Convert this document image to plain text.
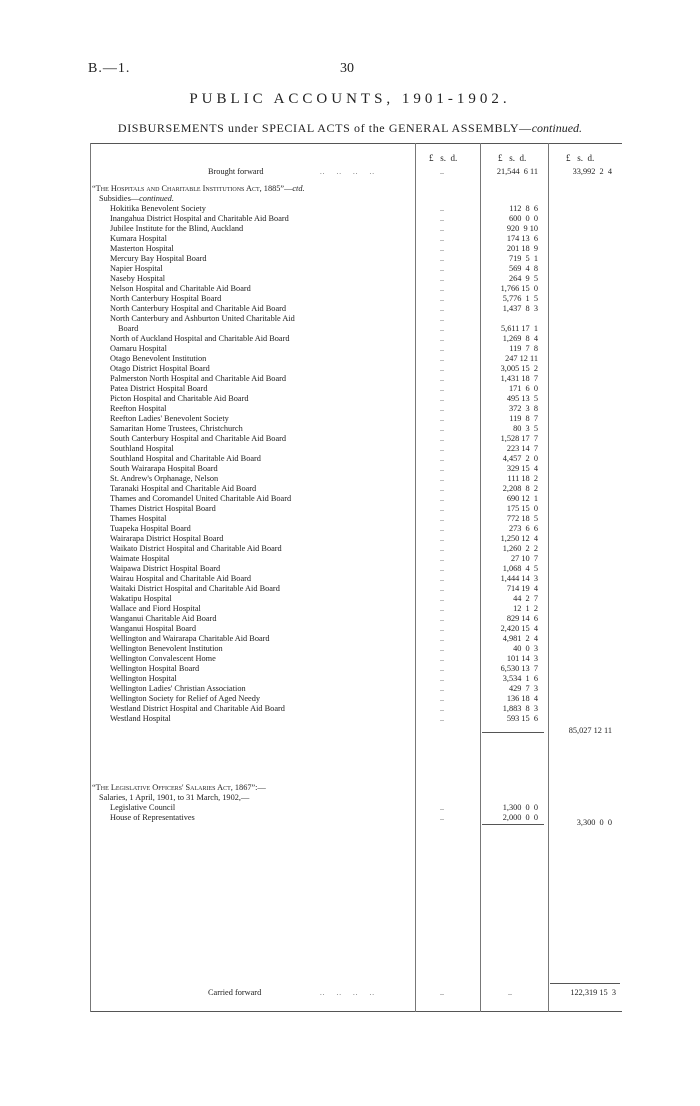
B.—1.	30
PUBLIC ACCOUNTS, 1901-1902.
DISBURSEMENTS under SPECIAL ACTS of the GENERAL ASSEMBLY—continued.
£   s.  d.	£   s.  d.	£   s.  d.
Brought forward	..    ..    ..    ..	..	21,544  6 11	33,992  2  4
“The Hospitals and Charitable Institutions Act, 1885”—ctd.
Subsidies—continued.
Hokitika Benevolent Society	..	112  8  6
Inangahua District Hospital and Charitable Aid Board	..	600  0  0
Jubilee Institute for the Blind, Auckland	..	920  9 10
Kumara Hospital	..	174 13  6
Masterton Hospital	..	201 18  9
Mercury Bay Hospital Board	..	719  5  1
Napier Hospital	..	569  4  8
Naseby Hospital	..	264  9  5
Nelson Hospital and Charitable Aid Board	..	1,766 15  0
North Canterbury Hospital Board	..	5,776  1  5
North Canterbury Hospital and Charitable Aid Board	..	1,437  8  3
North Canterbury and Ashburton United Charitable Aid	..
Board	..	5,611 17  1
North of Auckland Hospital and Charitable Aid Board	..	1,269  8  4
Oamaru Hospital	..	119  7  8
Otago Benevolent Institution	..	247 12 11
Otago District Hospital Board	..	3,005 15  2
Palmerston North Hospital and Charitable Aid Board	..	1,431 18  7
Patea District Hospital Board	..	171  6  0
Picton Hospital and Charitable Aid Board	..	495 13  5
Reefton Hospital	..	372  3  8
Reefton Ladies' Benevolent Society	..	119  8  7
Samaritan Home Trustees, Christchurch	..	80  3  5
South Canterbury Hospital and Charitable Aid Board	..	1,528 17  7
Southland Hospital	..	223 14  7
Southland Hospital and Charitable Aid Board	..	4,457  2  0
South Wairarapa Hospital Board	..	329 15  4
St. Andrew's Orphanage, Nelson	..	111 18  2
Taranaki Hospital and Charitable Aid Board	..	2,208  8  2
Thames and Coromandel United Charitable Aid Board	..	690 12  1
Thames District Hospital Board	..	175 15  0
Thames Hospital	..	772 18  5
Tuapeka Hospital Board	..	273  6  6
Wairarapa District Hospital Board	..	1,250 12  4
Waikato District Hospital and Charitable Aid Board	..	1,260  2  2
Waimate Hospital	..	27 10  7
Waipawa District Hospital Board	..	1,068  4  5
Wairau Hospital and Charitable Aid Board	..	1,444 14  3
Waitaki District Hospital and Charitable Aid Board	..	714 19  4
Wakatipu Hospital	..	44  2  7
Wallace and Fiord Hospital	..	12  1  2
Wanganui Charitable Aid Board	..	829 14  6
Wanganui Hospital Board	..	2,420 15  4
Wellington and Wairarapa Charitable Aid Board	..	4,981  2  4
Wellington Benevolent Institution	..	40  0  3
Wellington Convalescent Home	..	101 14  3
Wellington Hospital Board	..	6,530 13  7
Wellington Hospital	..	3,534  1  6
Wellington Ladies' Christian Association	..	429  7  3
Wellington Society for Relief of Aged Needy	..	136 18  4
Westland District Hospital and Charitable Aid Board	..	1,883  8  3
Westland Hospital	..	593 15  6
85,027 12 11
“The Legislative Officers' Salaries Act, 1867”:—
Salaries, 1 April, 1901, to 31 March, 1902,—
Legislative Council	..	1,300  0  0
House of Representatives	..	2,000  0  0
3,300  0  0
Carried forward	..    ..    ..    ..	..	..	122,319 15  3
